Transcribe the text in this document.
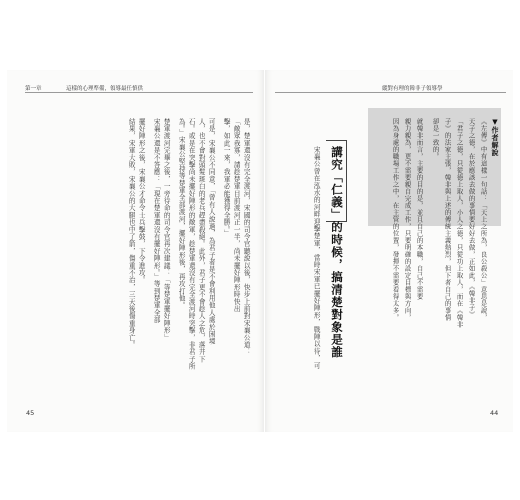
第一章	這樣的心理準備，領導最任慎供	縱對有理的韓非子領導學
是，楚軍還沒有完全渡河，宋國的司令官聽說以後，快步上前對宋襄公道：
「敵眾我寡，請趁楚軍目前渡河正一半，尚未擺好陣形時快出
擊，如此一來，我軍必能獲得全勝。」
可是，宋襄公不同意，「曾有人說過，為君子者是不會利用他人處於困境
人，也不會對頭髮斑白的老兵趕盡殺絕。此外，君子更不會趁人之危，落井下
石。或是在突擊尚未擺好陣形的敵軍，趁楚軍還沒有完全渡河時突擊，非君子所
為。」宋襄公堅持等楚軍全部渡河，擺好陣形後，再攻打他。
楚軍渡河完畢之後，一旁待命的司令官再次建議：「等楚軍擺好陣形」
宋襄公還是不答應：「現在楚軍還沒有擺好陣形。」等到楚軍全部
擺好陣形之後，宋襄公才命令士兵擊鼓，下令進攻。
結果，宋軍大敗，宋襄公的大腿也中了箭，傷重不治，三天後傷重身亡。	▼作者解說
《左傳》中有這樣一句話：「天上之所為，良公殺公」意思是說，
天子之德，在於應該去做的事情要好好去做，正如此，《韓非子》
「君子之德，只從德上取人，小人之德，只從功上取人，而在《韓非
子》的法家主張，韓非與上述的傳統主義熱烈，但下者自己的事情
卻是一致的。
就韓非而言，主要的目的是，並且自己的本職，自己不需要
親力親為，更不需要親自完成工作，只要明確的設定目標與方向，
因為身處的職場工作之中，在主管的位置，發揮不需要看得太多。
講究「仁義」的時候，搞清楚對象是誰
宋襄公曾在泓水的河畔迎擊楚軍，當時宋軍已擺好陣形，戰陣以待，可
45	44
